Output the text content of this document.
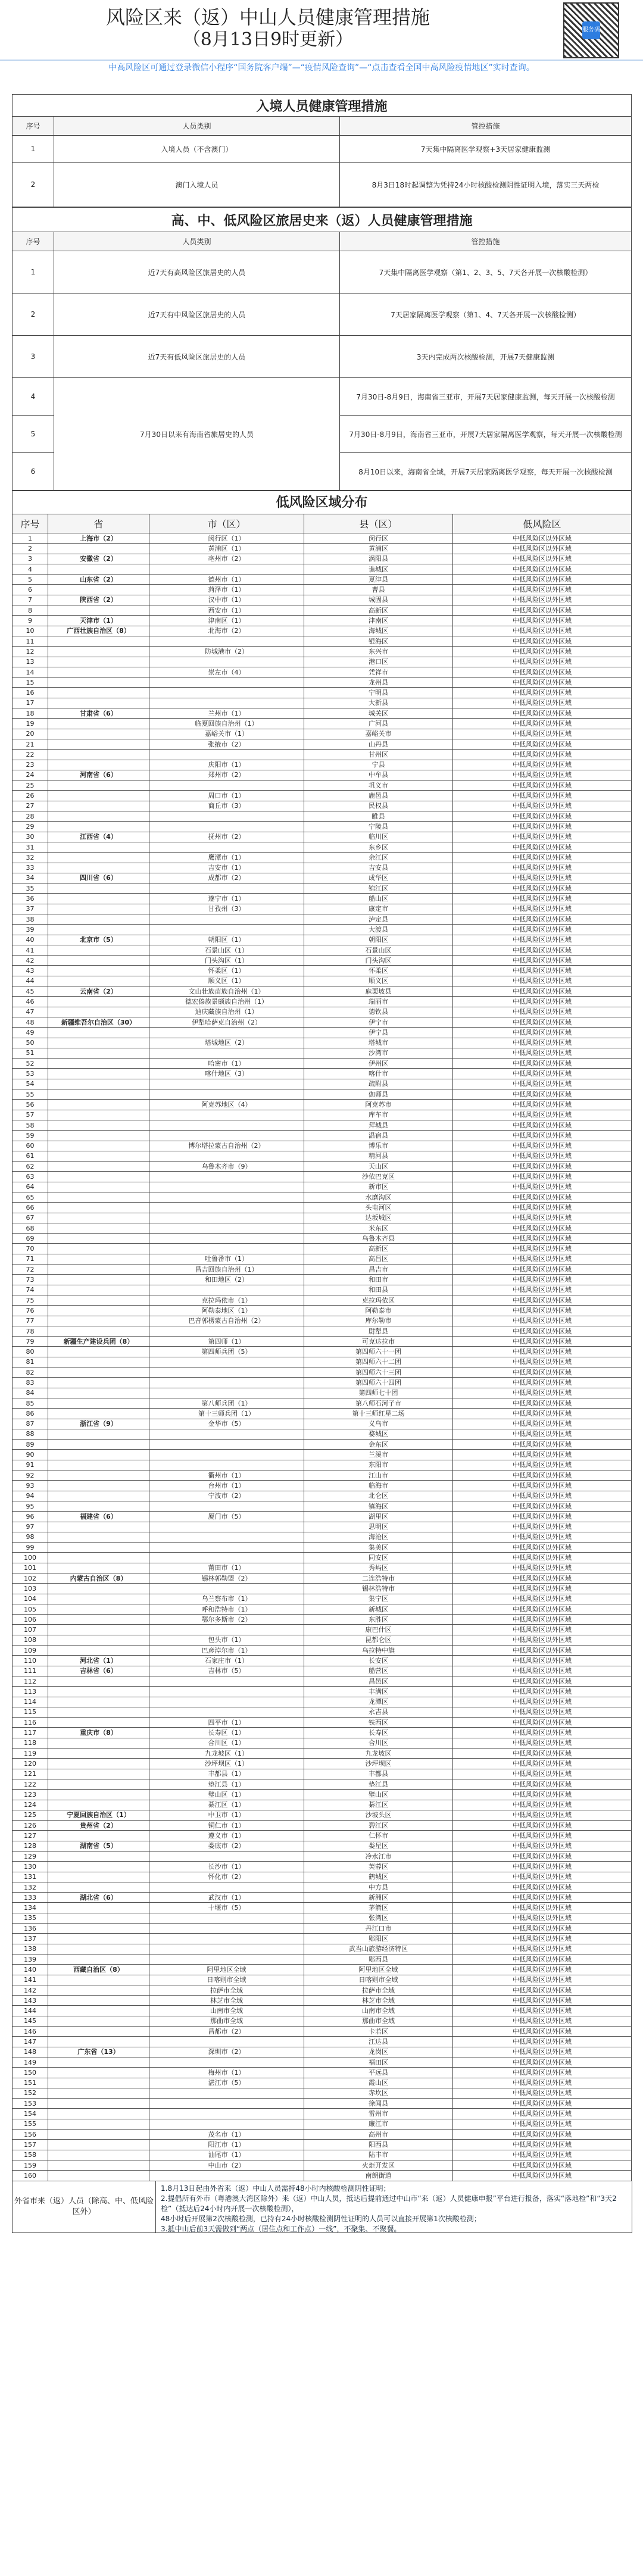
风险区来（返）中山人员健康管理措施
（8月13日9时更新）	服务码
中高风险区可通过登录微信小程序“国务院客户端”—“疫情风险查询”—“点击查看全国中高风险疫情地区”实时查询。
入境人员健康管理措施		
序号	人员类别	管控措施
1	入境人员（不含澳门）	7天集中隔离医学观察+3天居家健康监测
2	澳门入境人员	8月3日18时起调整为凭持24小时核酸检测阴性证明入境，落实三天两检
高、中、低风险区旅居史来（返）人员健康管理措施		
序号	人员类别	管控措施
1	近7天有高风险区旅居史的人员	7天集中隔离医学观察（第1、2、3、5、7天各开展一次核酸检测）
2	近7天有中风险区旅居史的人员	7天居家隔离医学观察（第1、4、7天各开展一次核酸检测）
3	近7天有低风险区旅居史的人员	3天内完成两次核酸检测，开展7天健康监测
4	7月30日以来有海南省旅居史的人员	7月30日-8月9日，海南省三亚市，开展7天居家健康监测，每天开展一次核酸检测
5		7月30日-8月9日，海南省三亚市，开展7天居家隔离医学观察，每天开展一次核酸检测
6		8月10日以来，海南省全域，开展7天居家隔离医学观察，每天开展一次核酸检测
低风险区域分布				
序号	省	市（区）	县（区）	低风险区
1	上海市（2）	闵行区（1）	闵行区	中低风险区以外区域
2		黄浦区（1）	黄浦区	中低风险区以外区域
3	安徽省（2）	亳州市（2）	涡阳县	中低风险区以外区域
4			谯城区	中低风险区以外区域
5	山东省（2）	德州市（1）	夏津县	中低风险区以外区域
6		菏泽市（1）	曹县	中低风险区以外区域
7	陕西省（2）	汉中市（1）	城固县	中低风险区以外区域
8		西安市（1）	高新区	中低风险区以外区域
9	天津市（1）	津南区（1）	津南区	中低风险区以外区域
10	广西壮族自治区（8）	北海市（2）	海城区	中低风险区以外区域
11			银海区	中低风险区以外区域
12		防城港市（2）	东兴市	中低风险区以外区域
13			港口区	中低风险区以外区域
14		崇左市（4）	凭祥市	中低风险区以外区域
15			龙州县	中低风险区以外区域
16			宁明县	中低风险区以外区域
17			大新县	中低风险区以外区域
18	甘肃省（6）	兰州市（1）	城关区	中低风险区以外区域
19		临夏回族自治州（1）	广河县	中低风险区以外区域
20		嘉峪关市（1）	嘉峪关市	中低风险区以外区域
21		张掖市（2）	山丹县	中低风险区以外区域
22			甘州区	中低风险区以外区域
23		庆阳市（1）	宁县	中低风险区以外区域
24	河南省（6）	郑州市（2）	中牟县	中低风险区以外区域
25			巩义市	中低风险区以外区域
26		周口市（1）	鹿邑县	中低风险区以外区域
27		商丘市（3）	民权县	中低风险区以外区域
28			睢县	中低风险区以外区域
29			宁陵县	中低风险区以外区域
30	江西省（4）	抚州市（2）	临川区	中低风险区以外区域
31			东乡区	中低风险区以外区域
32		鹰潭市（1）	余江区	中低风险区以外区域
33		吉安市（1）	吉安县	中低风险区以外区域
34	四川省（6）	成都市（2）	成华区	中低风险区以外区域
35			锦江区	中低风险区以外区域
36		遂宁市（1）	船山区	中低风险区以外区域
37		甘孜州（3）	康定市	中低风险区以外区域
38			泸定县	中低风险区以外区域
39			大渡县	中低风险区以外区域
40	北京市（5）	朝阳区（1）	朝阳区	中低风险区以外区域
41		石景山区（1）	石景山区	中低风险区以外区域
42		门头沟区（1）	门头沟区	中低风险区以外区域
43		怀柔区（1）	怀柔区	中低风险区以外区域
44		顺义区（1）	顺义区	中低风险区以外区域
45	云南省（2）	文山壮族苗族自治州（1）	麻栗坡县	中低风险区以外区域
46		德宏傣族景颇族自治州（1）	瑞丽市	中低风险区以外区域
47		迪庆藏族自治州（1）	德钦县	中低风险区以外区域
48	新疆维吾尔自治区（30）	伊犁哈萨克自治州（2）	伊宁市	中低风险区以外区域
49			伊宁县	中低风险区以外区域
50		塔城地区（2）	塔城市	中低风险区以外区域
51			沙湾市	中低风险区以外区域
52		哈密市（1）	伊州区	中低风险区以外区域
53		喀什地区（3）	喀什市	中低风险区以外区域
54			疏附县	中低风险区以外区域
55			伽师县	中低风险区以外区域
56		阿克苏地区（4）	阿克苏市	中低风险区以外区域
57			库车市	中低风险区以外区域
58			拜城县	中低风险区以外区域
59			温宿县	中低风险区以外区域
60		博尔塔拉蒙古自治州（2）	博乐市	中低风险区以外区域
61			精河县	中低风险区以外区域
62		乌鲁木齐市（9）	天山区	中低风险区以外区域
63			沙依巴克区	中低风险区以外区域
64			新市区	中低风险区以外区域
65			水磨沟区	中低风险区以外区域
66			头屯河区	中低风险区以外区域
67			达坂城区	中低风险区以外区域
68			米东区	中低风险区以外区域
69			乌鲁木齐县	中低风险区以外区域
70			高新区	中低风险区以外区域
71		吐鲁番市（1）	高昌区	中低风险区以外区域
72		昌吉回族自治州（1）	昌吉市	中低风险区以外区域
73		和田地区（2）	和田市	中低风险区以外区域
74			和田县	中低风险区以外区域
75		克拉玛依市（1）	克拉玛依区	中低风险区以外区域
76		阿勒泰地区（1）	阿勒泰市	中低风险区以外区域
77		巴音郭楞蒙古自治州（2）	库尔勒市	中低风险区以外区域
78			尉犁县	中低风险区以外区域
79	新疆生产建设兵团（8）	第四师（1）	可克达拉市	中低风险区以外区域
80		第四师兵团（5）	第四师六十一团	中低风险区以外区域
81			第四师六十二团	中低风险区以外区域
82			第四师六十三团	中低风险区以外区域
83			第四师六十四团	中低风险区以外区域
84			第四师七十团	中低风险区以外区域
85		第八师兵团（1）	第八师石河子市	中低风险区以外区域
86		第十三师兵团（1）	第十三师红星二场	中低风险区以外区域
87	浙江省（9）	金华市（5）	义乌市	中低风险区以外区域
88			婺城区	中低风险区以外区域
89			金东区	中低风险区以外区域
90			兰溪市	中低风险区以外区域
91			东阳市	中低风险区以外区域
92		衢州市（1）	江山市	中低风险区以外区域
93		台州市（1）	临海市	中低风险区以外区域
94		宁波市（2）	北仑区	中低风险区以外区域
95			镇海区	中低风险区以外区域
96	福建省（6）	厦门市（5）	湖里区	中低风险区以外区域
97			思明区	中低风险区以外区域
98			海沧区	中低风险区以外区域
99			集美区	中低风险区以外区域
100			同安区	中低风险区以外区域
101		莆田市（1）	秀屿区	中低风险区以外区域
102	内蒙古自治区（8）	锡林郭勒盟（2）	二连浩特市	中低风险区以外区域
103			锡林浩特市	中低风险区以外区域
104		乌兰察布市（1）	集宁区	中低风险区以外区域
105		呼和浩特市（1）	新城区	中低风险区以外区域
106		鄂尔多斯市（2）	东胜区	中低风险区以外区域
107			康巴什区	中低风险区以外区域
108		包头市（1）	昆都仑区	中低风险区以外区域
109		巴彦淖尔市（1）	乌拉特中旗	中低风险区以外区域
110	河北省（1）	石家庄市（1）	长安区	中低风险区以外区域
111	吉林省（6）	吉林市（5）	船营区	中低风险区以外区域
112			昌邑区	中低风险区以外区域
113			丰满区	中低风险区以外区域
114			龙潭区	中低风险区以外区域
115			永吉县	中低风险区以外区域
116		四平市（1）	铁西区	中低风险区以外区域
117	重庆市（8）	长寿区（1）	长寿区	中低风险区以外区域
118		合川区（1）	合川区	中低风险区以外区域
119		九龙坡区（1）	九龙坡区	中低风险区以外区域
120		沙坪坝区（1）	沙坪坝区	中低风险区以外区域
121		丰都县（1）	丰都县	中低风险区以外区域
122		垫江县（1）	垫江县	中低风险区以外区域
123		璧山区（1）	璧山区	中低风险区以外区域
124		綦江区（1）	綦江区	中低风险区以外区域
125	宁夏回族自治区（1）	中卫市（1）	沙坡头区	中低风险区以外区域
126	贵州省（2）	铜仁市（1）	碧江区	中低风险区以外区域
127		遵义市（1）	仁怀市	中低风险区以外区域
128	湖南省（5）	娄底市（2）	娄星区	中低风险区以外区域
129			冷水江市	中低风险区以外区域
130		长沙市（1）	芙蓉区	中低风险区以外区域
131		怀化市（2）	鹤城区	中低风险区以外区域
132			中方县	中低风险区以外区域
133	湖北省（6）	武汉市（1）	新洲区	中低风险区以外区域
134		十堰市（5）	茅箭区	中低风险区以外区域
135			张湾区	中低风险区以外区域
136			丹江口市	中低风险区以外区域
137			郧阳区	中低风险区以外区域
138			武当山旅游经济特区	中低风险区以外区域
139			郧西县	中低风险区以外区域
140	西藏自治区（8）	阿里地区全域	阿里地区全域	中低风险区以外区域
141		日喀则市全域	日喀则市全域	中低风险区以外区域
142		拉萨市全域	拉萨市全域	中低风险区以外区域
143		林芝市全域	林芝市全域	中低风险区以外区域
144		山南市全域	山南市全域	中低风险区以外区域
145		那曲市全域	那曲市全域	中低风险区以外区域
146		昌都市（2）	卡若区	中低风险区以外区域
147			江达县	中低风险区以外区域
148	广东省（13）	深圳市（2）	龙岗区	中低风险区以外区域
149			福田区	中低风险区以外区域
150		梅州市（1）	平远县	中低风险区以外区域
151		湛江市（5）	霞山区	中低风险区以外区域
152			赤坎区	中低风险区以外区域
153			徐闻县	中低风险区以外区域
154			雷州市	中低风险区以外区域
155			廉江市	中低风险区以外区域
156		茂名市（1）	高州市	中低风险区以外区域
157		阳江市（1）	阳西县	中低风险区以外区域
158		汕尾市（1）	陆丰市	中低风险区以外区域
159		中山市（2）	火炬开发区	中低风险区以外区域
160			南朗街道	中低风险区以外区域
外省市来（返）人员（除高、中、低风险区外）
1.8月13日起由外省来（返）中山人员需持48小时内核酸检测阴性证明；
2.提倡所有外市（粤港澳大湾区除外）来（返）中山人员，抵达后提前通过中山市“来（返）人员健康申报”平台进行报备，落实“落地检”和“3天2检”（抵达后24小时内开展一次核酸检测），
48小时后开展第2次核酸检测，已持有24小时核酸检测阴性证明的人员可以直接开展第1次核酸检测；
3.抵中山后前3天需做到“两点（居住点和工作点）一线”，不聚集、不聚餐。
